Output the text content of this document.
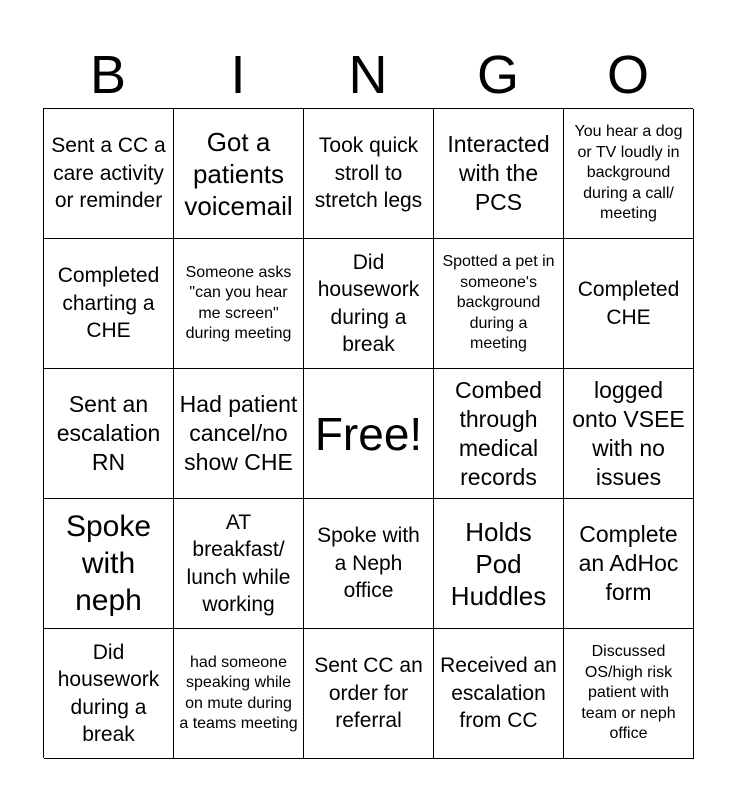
B	I	N	G	O
Sent a CC a care activity or reminder
Got a patients voicemail
Took quick stroll to stretch legs
Interacted with the PCS
You hear a dog or TV loudly in background during a call/ meeting
Completed charting a CHE
Someone asks "can you hear me screen" during meeting
Did housework during a break
Spotted a pet in someone's background during a meeting
Completed CHE
Sent an escalation RN
Had patient cancel/no show CHE
Free!
Combed through medical records
logged onto VSEE with no issues
Spoke with neph
AT breakfast/ lunch while working
Spoke with a Neph office
Holds Pod Huddles
Complete an AdHoc form
Did housework during a break
had someone speaking while on mute during a teams meeting
Sent CC an order for referral
Received an escalation from CC
Discussed OS/high risk patient with team or neph office
